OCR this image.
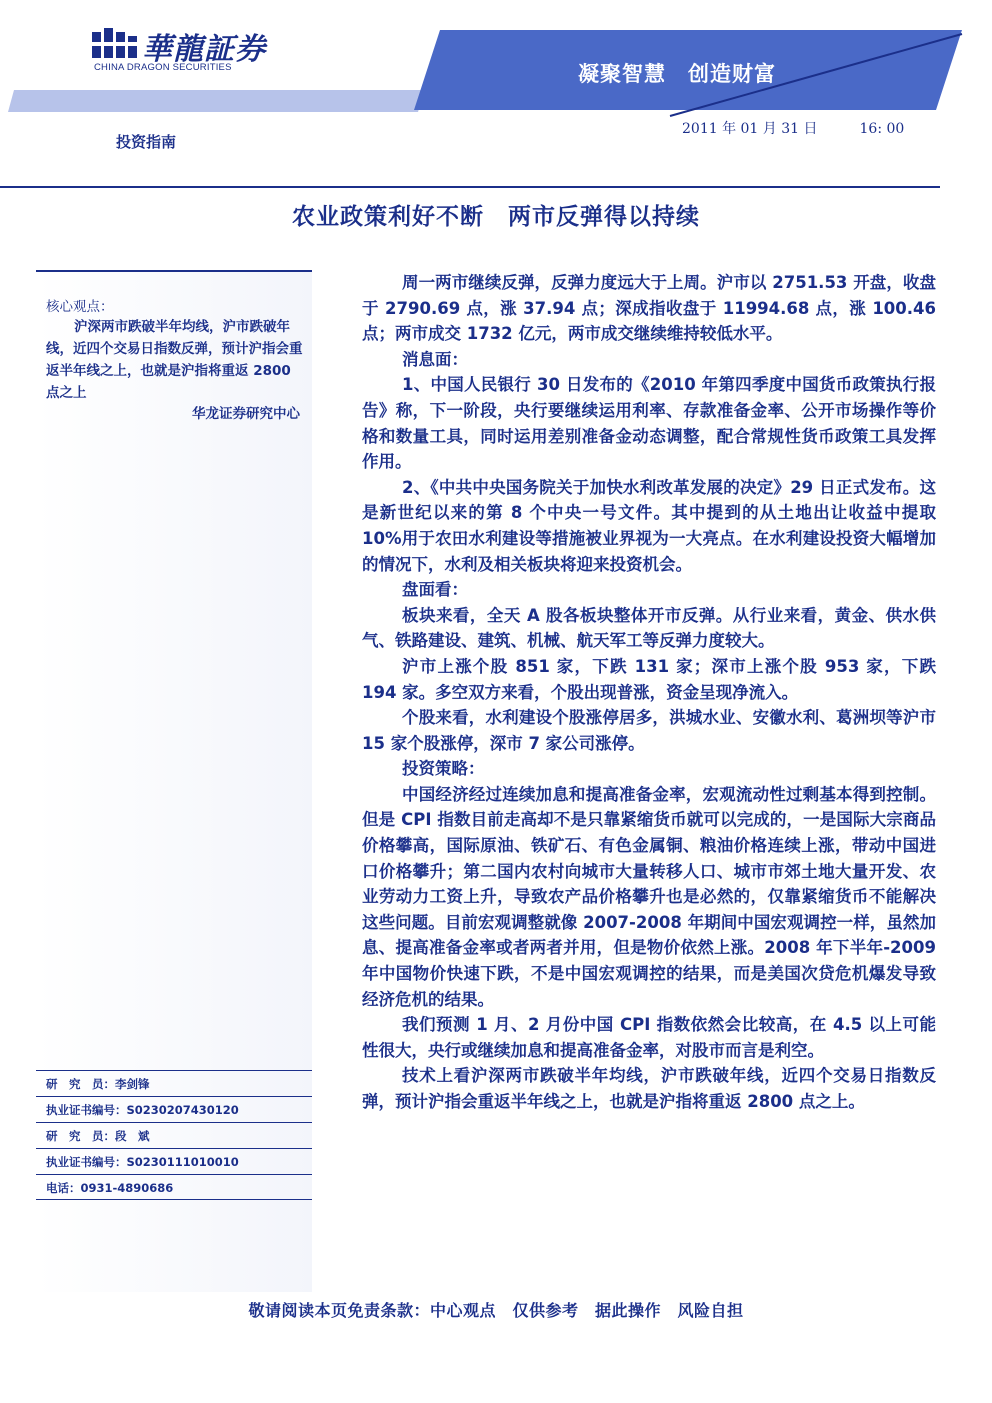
華龍証券
CHINA DRAGON SECURITIES	凝聚智慧　创造财富
2011 年 01 月 31 日　　　16: 00
投资指南
农业政策利好不断　两市反弹得以持续
核心观点：
沪深两市跌破半年均线，沪市跌破年线，近四个交易日指数反弹，预计沪指会重返半年线之上，也就是沪指将重返 2800 点之上
华龙证券研究中心
研　究　员：李剑锋
执业证书编号：S0230207430120
研　究　员：段　斌
执业证书编号：S0230111010010
电话：0931-4890686

周一两市继续反弹，反弹力度远大于上周。沪市以 2751.53 开盘，收盘于 2790.69 点，涨 37.94 点；深成指收盘于 11994.68 点，涨 100.46 点；两市成交 1732 亿元，两市成交继续维持较低水平。

消息面：

1、中国人民银行 30 日发布的《2010 年第四季度中国货币政策执行报告》称，下一阶段，央行要继续运用利率、存款准备金率、公开市场操作等价格和数量工具，同时运用差别准备金动态调整，配合常规性货币政策工具发挥作用。

2、《中共中央国务院关于加快水利改革发展的决定》29 日正式发布。这是新世纪以来的第 8 个中央一号文件。其中提到的从土地出让收益中提取 10%用于农田水利建设等措施被业界视为一大亮点。在水利建设投资大幅增加的情况下，水利及相关板块将迎来投资机会。

盘面看：

板块来看，全天 A 股各板块整体开市反弹。从行业来看，黄金、供水供气、铁路建设、建筑、机械、航天军工等反弹力度较大。

沪市上涨个股 851 家，下跌 131 家；深市上涨个股 953 家，下跌 194 家。多空双方来看，个股出现普涨，资金呈现净流入。

个股来看，水利建设个股涨停居多，洪城水业、安徽水利、葛洲坝等沪市 15 家个股涨停，深市 7 家公司涨停。

投资策略：

中国经济经过连续加息和提高准备金率，宏观流动性过剩基本得到控制。但是 CPI 指数目前走高却不是只靠紧缩货币就可以完成的，一是国际大宗商品价格攀高，国际原油、铁矿石、有色金属铜、粮油价格连续上涨，带动中国进口价格攀升；第二国内农村向城市大量转移人口、城市市郊土地大量开发、农业劳动力工资上升，导致农产品价格攀升也是必然的，仅靠紧缩货币不能解决这些问题。目前宏观调整就像 2007-2008 年期间中国宏观调控一样，虽然加息、提高准备金率或者两者并用，但是物价依然上涨。2008 年下半年-2009 年中国物价快速下跌，不是中国宏观调控的结果，而是美国次贷危机爆发导致经济危机的结果。

我们预测 1 月、2 月份中国 CPI 指数依然会比较高，在 4.5 以上可能性很大，央行或继续加息和提高准备金率，对股市而言是利空。

技术上看沪深两市跌破半年均线，沪市跌破年线，近四个交易日指数反弹，预计沪指会重返半年线之上，也就是沪指将重返 2800 点之上。

敬请阅读本页免责条款：中心观点　仅供参考　据此操作　风险自担
